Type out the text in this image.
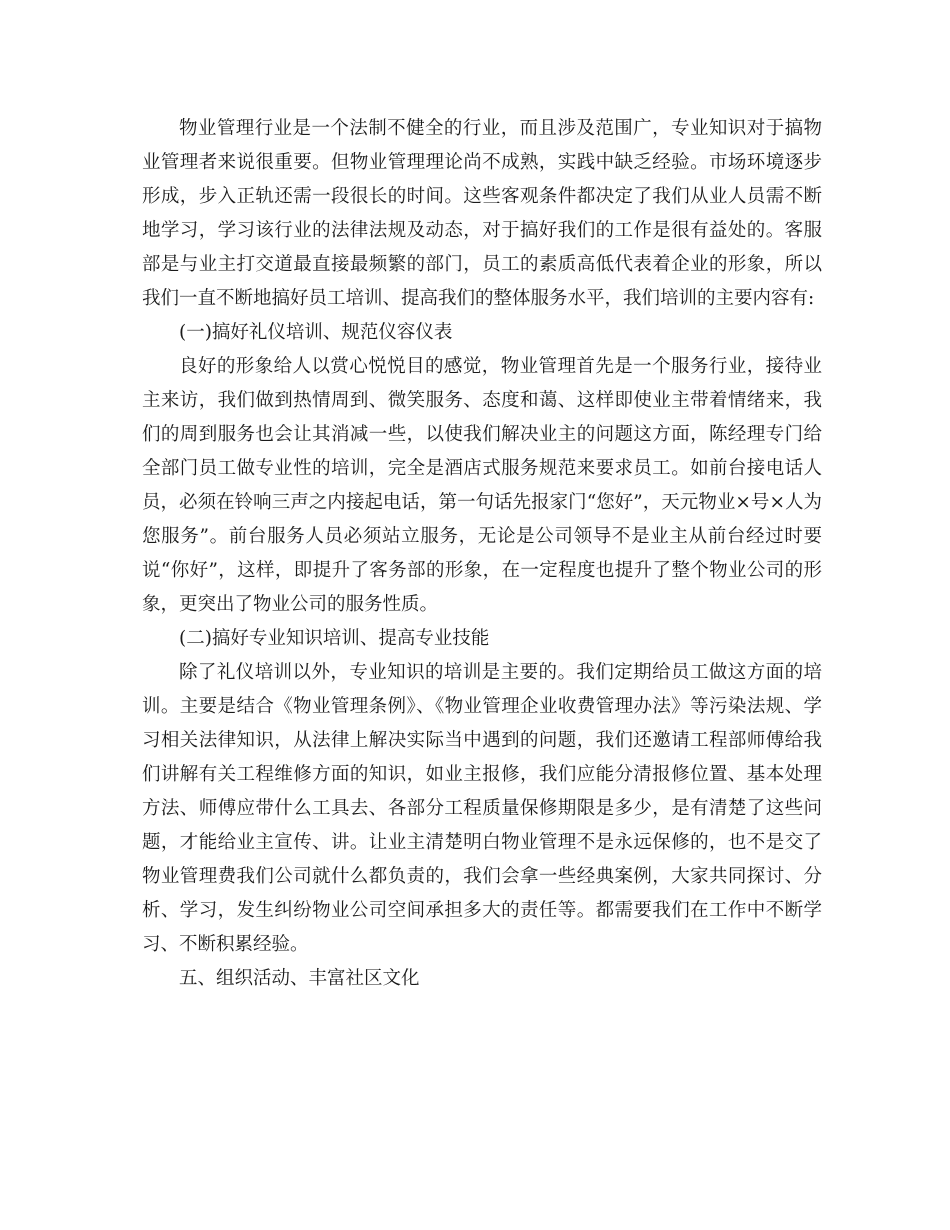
物业管理行业是一个法制不健全的行业，而且涉及范围广，专业知识对于搞物业管理者来说很重要。但物业管理理论尚不成熟，实践中缺乏经验。市场环境逐步形成，步入正轨还需一段很长的时间。这些客观条件都决定了我们从业人员需不断地学习，学习该行业的法律法规及动态，对于搞好我们的工作是很有益处的。客服部是与业主打交道最直接最频繁的部门，员工的素质高低代表着企业的形象，所以我们一直不断地搞好员工培训、提高我们的整体服务水平，我们培训的主要内容有:

(一)搞好礼仪培训、规范仪容仪表

良好的形象给人以赏心悦悦目的感觉，物业管理首先是一个服务行业，接待业主来访，我们做到热情周到、微笑服务、态度和蔼、这样即使业主带着情绪来，我们的周到服务也会让其消减一些，以使我们解决业主的问题这方面，陈经理专门给全部门员工做专业性的培训，完全是酒店式服务规范来要求员工。如前台接电话人员，必须在铃响三声之内接起电话，第一句话先报家门“您好”，天元物业×号×人为您服务”。前台服务人员必须站立服务，无论是公司领导不是业主从前台经过时要说“你好”，这样，即提升了客务部的形象，在一定程度也提升了整个物业公司的形象，更突出了物业公司的服务性质。

(二)搞好专业知识培训、提高专业技能

除了礼仪培训以外，专业知识的培训是主要的。我们定期给员工做这方面的培训。主要是结合《物业管理条例》、《物业管理企业收费管理办法》等污染法规、学习相关法律知识，从法律上解决实际当中遇到的问题，我们还邀请工程部师傅给我们讲解有关工程维修方面的知识，如业主报修，我们应能分清报修位置、基本处理方法、师傅应带什么工具去、各部分工程质量保修期限是多少，是有清楚了这些问题，才能给业主宣传、讲。让业主清楚明白物业管理不是永远保修的，也不是交了物业管理费我们公司就什么都负责的，我们会拿一些经典案例，大家共同探讨、分析、学习，发生纠纷物业公司空间承担多大的责任等。都需要我们在工作中不断学习、不断积累经验。

五、组织活动、丰富社区文化
